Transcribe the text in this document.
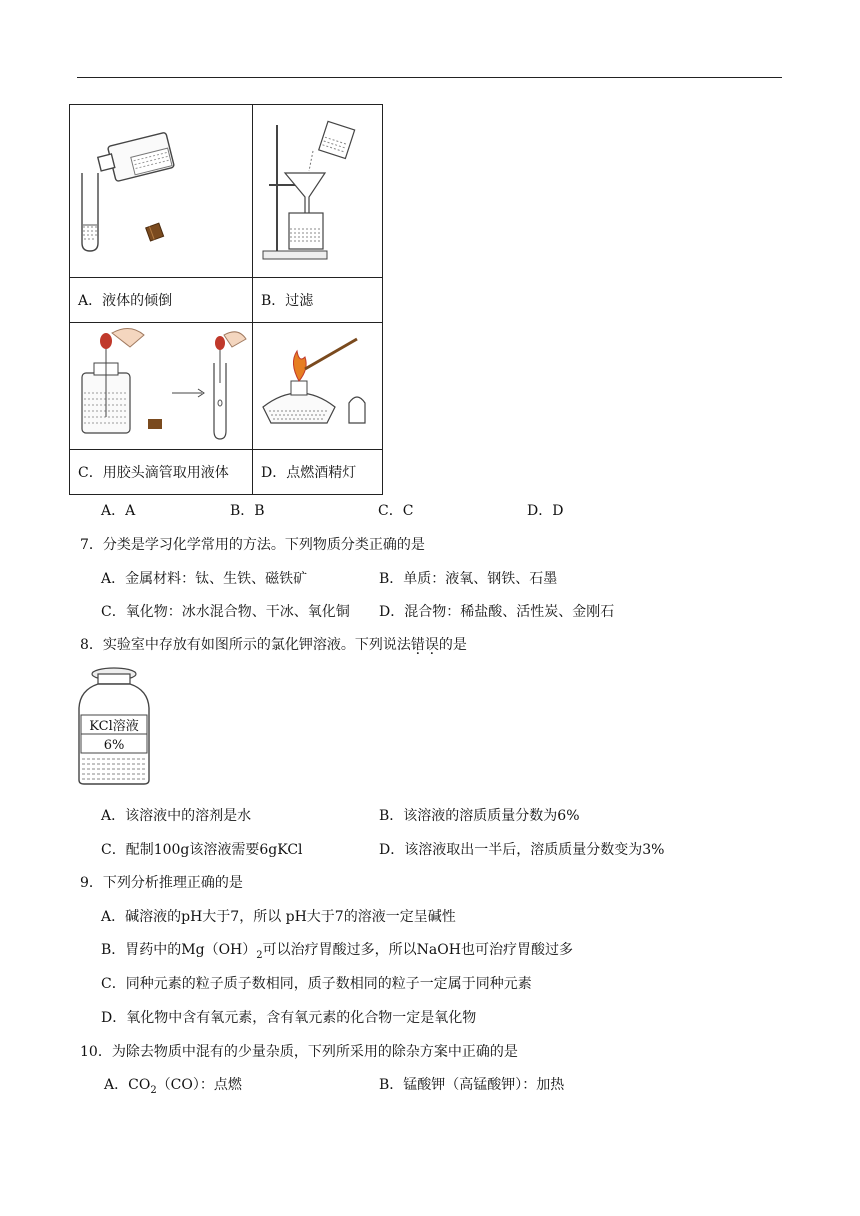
A．液体的倾倒	B．过滤

C．用胶头滴管取用液体	D．点燃酒精灯
A．A	B．B	C．C	D．D
7．分类是学习化学常用的方法。下列物质分类正确的是
A．金属材料：钛、生铁、磁铁矿	B．单质：液氧、钢铁、石墨
C．氧化物：冰水混合物、干冰、氧化铜 D．混合物：稀盐酸、活性炭、金刚石
8．实验室中存放有如图所示的氯化钾溶液。下列说法错误的是
KCl溶液
6%
A．该溶液中的溶剂是水	B．该溶液的溶质质量分数为6%
C．配制100g该溶液需要6gKCl	D．该溶液取出一半后，溶质质量分数变为3%
9．下列分析推理正确的是
A．碱溶液的pH大于7，所以 pH大于7的溶液一定呈碱性
B．胃药中的$Mg(OH)_2$可以治疗胃酸过多，所以NaOH也可治疗胃酸过多
C．同种元素的粒子质子数相同，质子数相同的粒子一定属于同种元素
D．氧化物中含有氧元素，含有氧元素的化合物一定是氧化物
10．为除去物质中混有的少量杂质，下列所采用的除杂方案中正确的是
A．$CO_2(CO)$：点燃	B．锰酸钾（高锰酸钾）：加热
